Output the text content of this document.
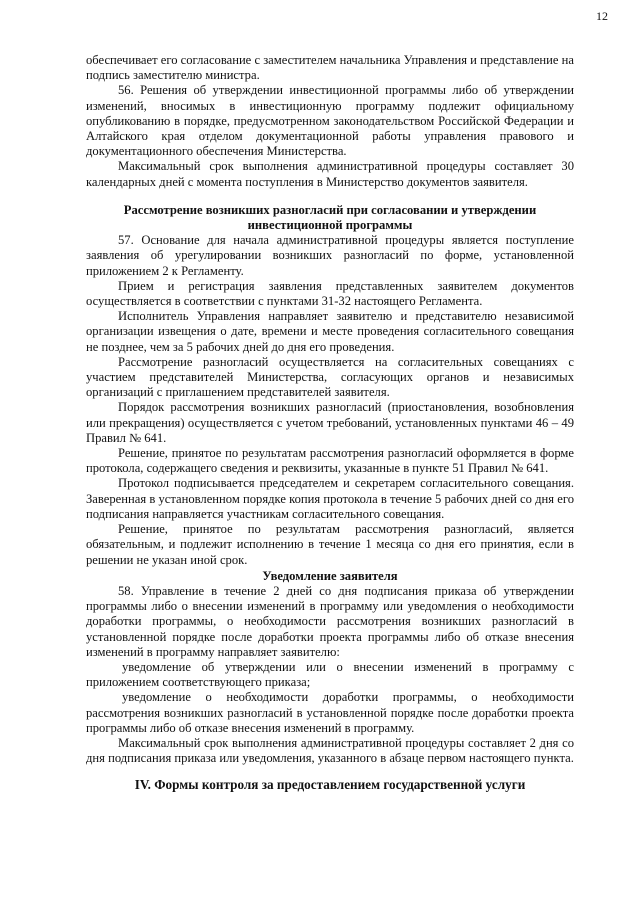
12

обеспечивает его согласование с заместителем начальника Управления и представление на подпись заместителю министра.

56. Решения об утверждении инвестиционной программы либо об утверждении изменений, вносимых в инвестиционную программу подлежит официальному опубликованию в порядке, предусмотренном законодательством Российской Федерации и Алтайского края отделом документационной работы управления правового и документационного обеспечения Министерства.

Максимальный срок выполнения административной процедуры составляет 30 календарных дней с момента поступления в Министерство документов заявителя.

Рассмотрение возникших разногласий при согласовании и утверждении инвестиционной программы

57. Основание для начала административной процедуры является поступление заявления об урегулировании возникших разногласий по форме, установленной приложением 2 к Регламенту.

Прием и регистрация заявления представленных заявителем документов осуществляется в соответствии с пунктами 31-32 настоящего Регламента.

Исполнитель Управления направляет заявителю и представителю независимой организации извещения о дате, времени и месте проведения согласительного совещания не позднее, чем за 5 рабочих дней до дня его проведения.

Рассмотрение разногласий осуществляется на согласительных совещаниях с участием представителей Министерства, согласующих органов и независимых организаций с приглашением представителей заявителя.

Порядок рассмотрения возникших разногласий (приостановления, возобновления или прекращения) осуществляется с учетом требований, установленных пунктами 46 – 49 Правил № 641.

Решение, принятое по результатам рассмотрения разногласий оформляется в форме протокола, содержащего сведения и реквизиты, указанные в пункте 51 Правил № 641.

Протокол подписывается председателем и секретарем согласительного совещания. Заверенная в установленном порядке копия протокола в течение 5 рабочих дней со дня его подписания направляется участникам согласительного совещания.

Решение, принятое по результатам рассмотрения разногласий, является обязательным, и подлежит исполнению в течение 1 месяца со дня его принятия, если в решении не указан иной срок.

Уведомление заявителя

58. Управление в течение 2 дней со дня подписания приказа об утверждении программы либо о внесении изменений в программу или уведомления о необходимости доработки программы, о необходимости рассмотрения возникших разногласий в установленной порядке после доработки проекта программы либо об отказе внесения изменений в программу направляет заявителю:

уведомление об утверждении или о внесении изменений в программу с приложением соответствующего приказа;

уведомление о необходимости доработки программы, о необходимости рассмотрения возникших разногласий в установленной порядке после доработки проекта программы либо об отказе внесения изменений в программу.

Максимальный срок выполнения административной процедуры составляет 2 дня со дня подписания приказа или уведомления, указанного в абзаце первом настоящего пункта.

IV. Формы контроля за предоставлением государственной услуги
